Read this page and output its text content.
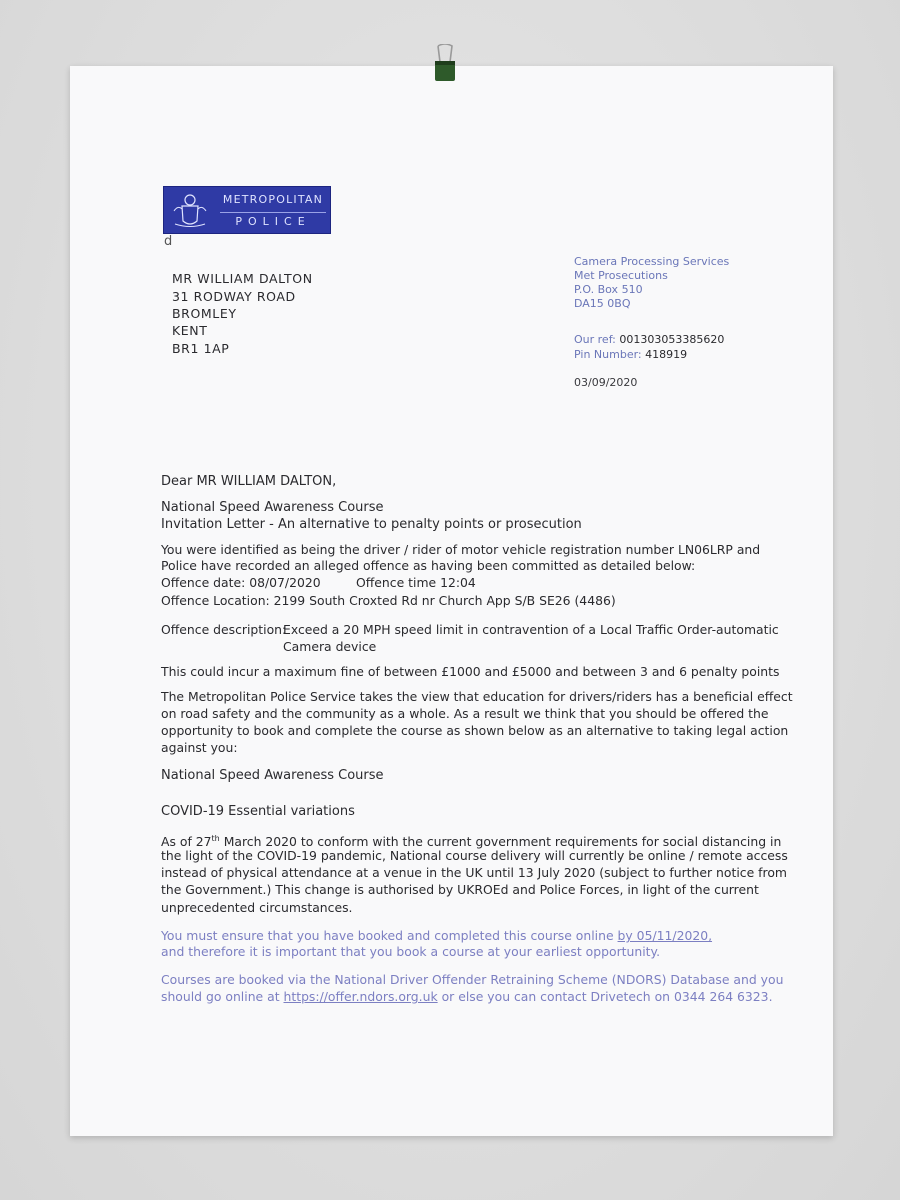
METROPOLITAN
POLICE
d
MR WILLIAM DALTON
31 RODWAY ROAD
BROMLEY
KENT
BR1 1AP
Camera Processing Services
Met Prosecutions
P.O. Box 510
DA15 0BQ
Our ref: 001303053385620
Pin Number: 418919
03/09/2020
Dear MR WILLIAM DALTON,
National Speed Awareness Course
Invitation Letter - An alternative to penalty points or prosecution
You were identified as being the driver / rider of motor vehicle registration number LN06LRP and
Police have recorded an alleged offence as having been committed as detailed below:
Offence date: 08/07/2020	Offence time 12:04
Offence Location: 2199 South Croxted Rd nr Church App S/B SE26 (4486)
Offence description:
Exceed a 20 MPH speed limit in contravention of a Local Traffic Order-automatic
Camera device
This could incur a maximum fine of between £1000 and £5000 and between 3 and 6 penalty points
The Metropolitan Police Service takes the view that education for drivers/riders has a beneficial effect
on road safety and the community as a whole. As a result we think that you should be offered the
opportunity to book and complete the course as shown below as an alternative to taking legal action
against you:
National Speed Awareness Course
COVID-19 Essential variations
As of 27th March 2020 to conform with the current government requirements for social distancing in
the light of the COVID-19 pandemic, National course delivery will currently be online / remote access
instead of physical attendance at a venue in the UK until 13 July 2020 (subject to further notice from
the Government.) This change is authorised by UKROEd and Police Forces, in light of the current
unprecedented circumstances.
You must ensure that you have booked and completed this course online by 05/11/2020,
and therefore it is important that you book a course at your earliest opportunity.
Courses are booked via the National Driver Offender Retraining Scheme (NDORS) Database and you
should go online at https://offer.ndors.org.uk or else you can contact Drivetech on 0344 264 6323.
